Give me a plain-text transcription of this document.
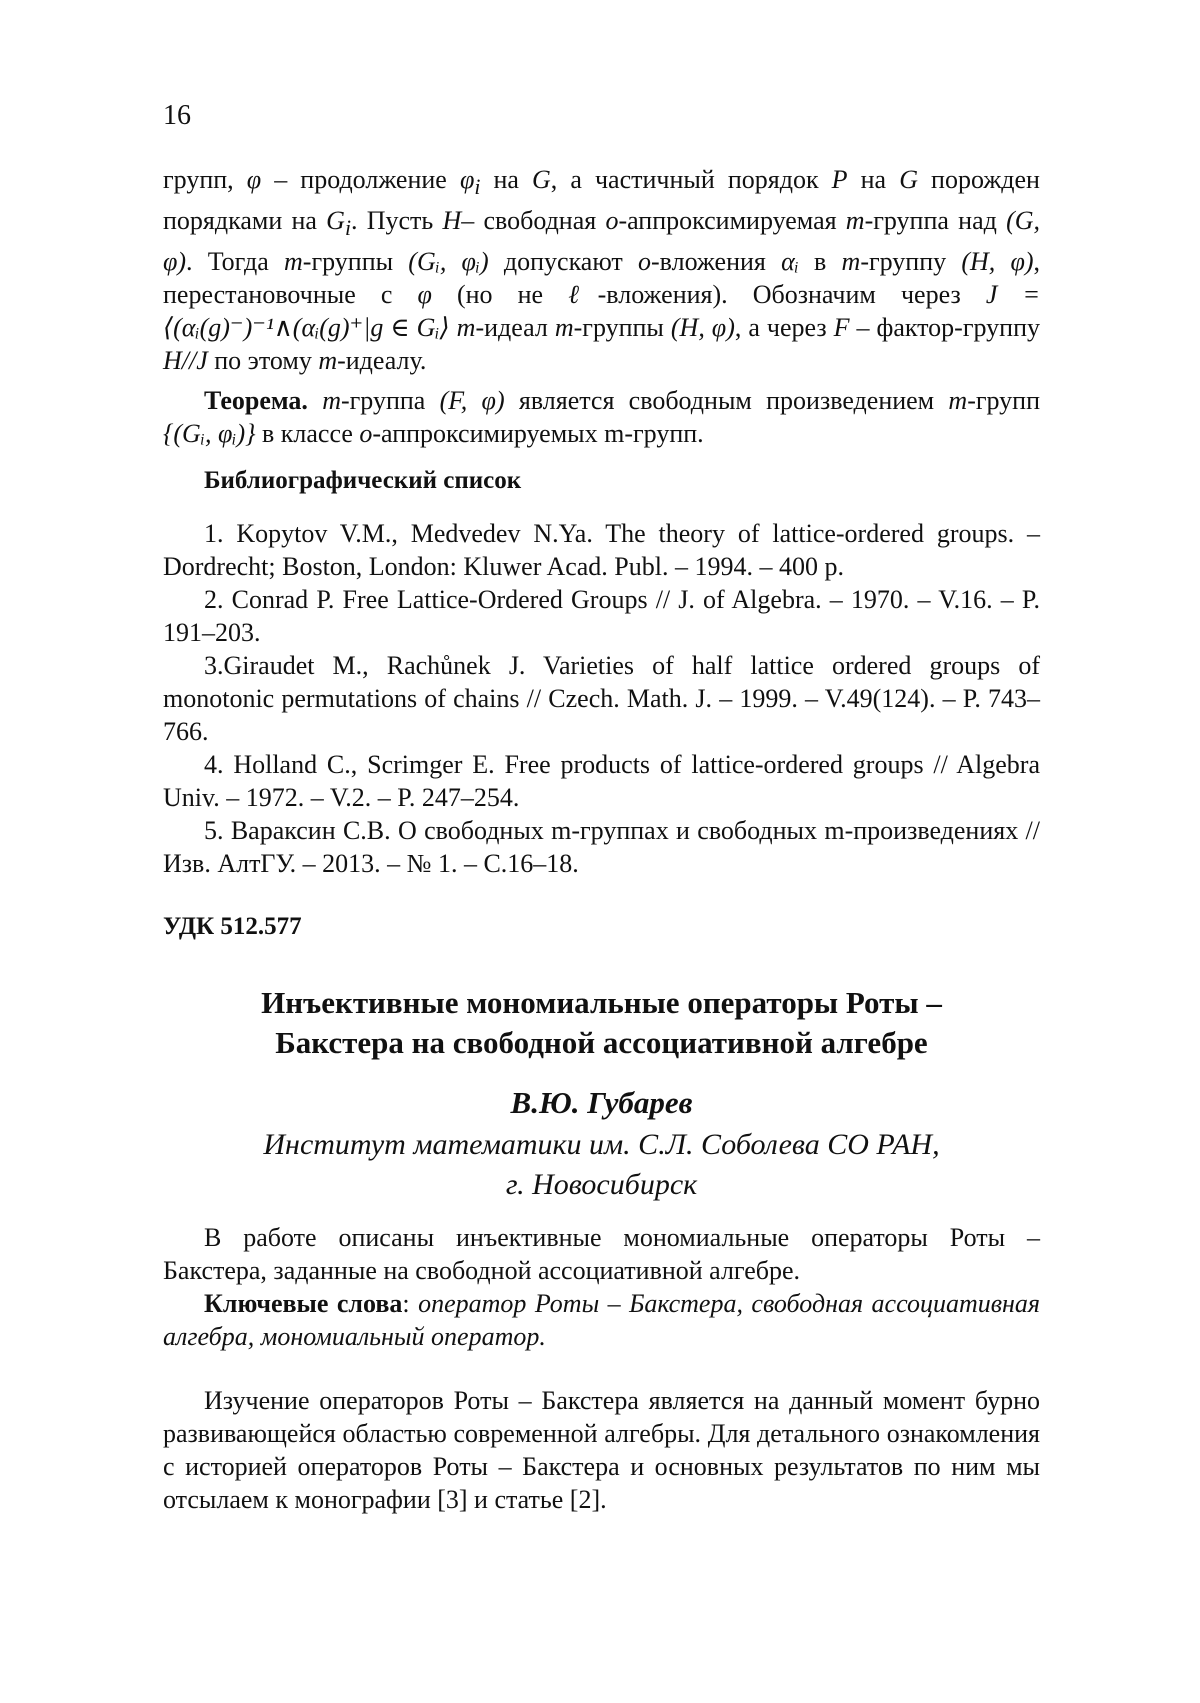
16

групп, φ – продолжение φi на G, а частичный порядок P на G порожден порядками на Gi. Пусть H– свободная o-аппроксимируемая m-группа над (G, φ). Тогда m-группы (Gᵢ, φᵢ) допускают o-вложения αᵢ в m-группу (H, φ), перестановочные с φ (но не ℓ-вложения). Обозначим через J = ⟨(αᵢ(g)⁻)⁻¹∧(αᵢ(g)⁺|g ∈ Gᵢ⟩ m-идеал m-группы (H, φ), а через F – фактор-группу H//J по этому m-идеалу.

Теорема. m-группа (F, φ) является свободным произведением m-групп {(Gᵢ, φᵢ)} в классе o-аппроксимируемых m-групп.

Библиографический список

1. Kopytov V.M., Medvedev N.Ya. The theory of lattice-ordered groups. – Dordrecht; Boston, London: Kluwer Acad. Publ. – 1994. – 400 p.

2. Conrad P. Free Lattice-Ordered Groups // J. of Algebra. – 1970. – V.16. – P. 191–203.

3.Giraudet M., Rachůnek J. Varieties of half lattice ordered groups of monotonic permutations of chains // Czech. Math. J. – 1999. – V.49(124). – P. 743–766.

4. Holland C., Scrimger E. Free products of lattice-ordered groups // Algebra Univ. – 1972. – V.2. – P. 247–254.

5. Вараксин С.В. О свободных m-группах и свободных m-произведениях // Изв. АлтГУ. – 2013. – № 1. – С.16–18.

УДК 512.577
Инъективные мономиальные операторы Роты –
Бакстера на свободной ассоциативной алгебре
В.Ю. Губарев
Институт математики им. С.Л. Соболева СО РАН,
г. Новосибирск

В работе описаны инъективные мономиальные операторы Роты – Бакстера, заданные на свободной ассоциативной алгебре.

Ключевые слова: оператор Роты – Бакстера, свободная ассоциативная алгебра, мономиальный оператор.

Изучение операторов Роты – Бакстера является на данный момент бурно развивающейся областью современной алгебры. Для детального ознакомления с историей операторов Роты – Бакстера и основных результатов по ним мы отсылаем к монографии [3] и статье [2].
